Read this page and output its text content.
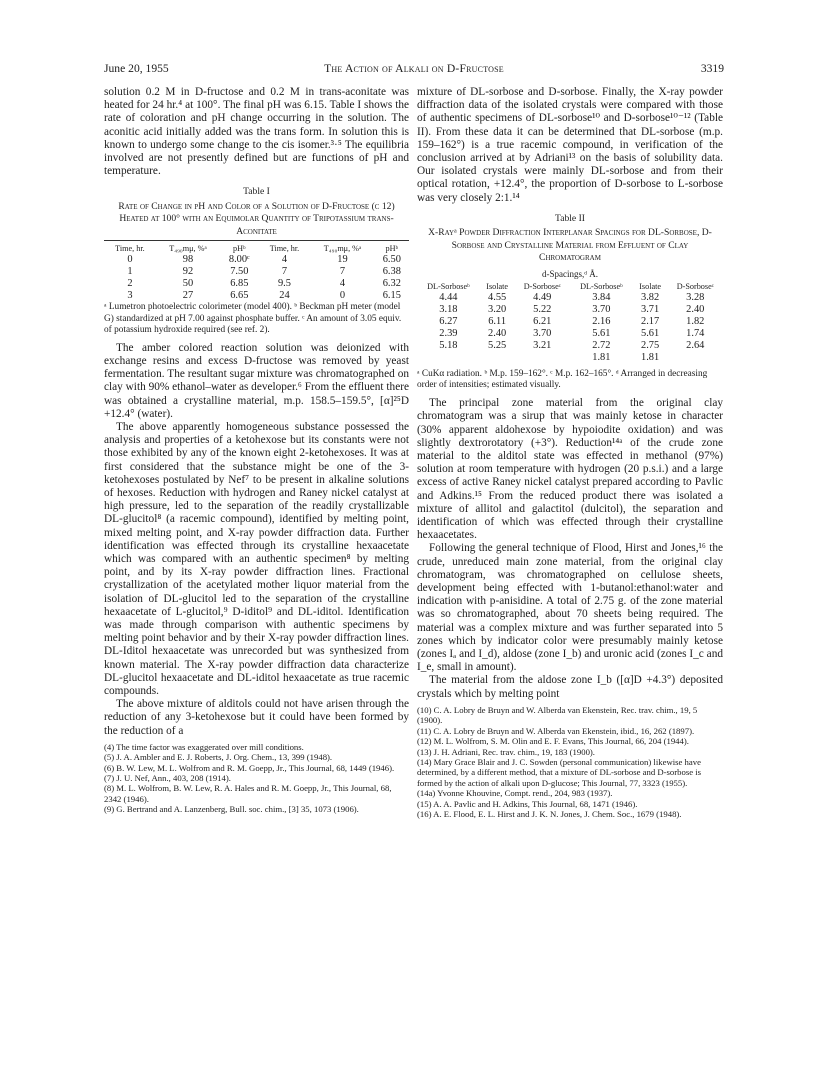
June 20, 1955	The Action of Alkali on D-Fructose	3319

solution 0.2 M in D-fructose and 0.2 M in trans-aconitate was heated for 24 hr.⁴ at 100°. The final pH was 6.15. Table I shows the rate of coloration and pH change occurring in the solution. The aconitic acid initially added was the trans form. In solution this is known to undergo some change to the cis isomer.³·⁵ The equilibria involved are not presently defined but are functions of pH and temperature.

Table I
Rate of Change in pH and Color of a Solution of D-Fructose (c 12) Heated at 100° with an Equimolar Quantity of Tripotassium trans-Aconitate
Time, hr.	T₄₉₀mμ, %ᵃ	pHᵇ	Time, hr.	T₄₉₀mμ, %ᵃ	pHᵇ
0	98	8.00ᶜ	4	19	6.50
1	92	7.50	7	7	6.38
2	50	6.85	9.5	4	6.32
3	27	6.65	24	0	6.15
ᵃ Lumetron photoelectric colorimeter (model 400). ᵇ Beckman pH meter (model G) standardized at pH 7.00 against phosphate buffer. ᶜ An amount of 3.05 equiv. of potassium hydroxide required (see ref. 2).

The amber colored reaction solution was deionized with exchange resins and excess D-fructose was removed by yeast fermentation. The resultant sugar mixture was chromatographed on clay with 90% ethanol–water as developer.⁶ From the effluent there was obtained a crystalline material, m.p. 158.5–159.5°, [α]²⁵D +12.4° (water).

The above apparently homogeneous substance possessed the analysis and properties of a ketohexose but its constants were not those exhibited by any of the known eight 2-ketohexoses. It was at first considered that the substance might be one of the 3-ketohexoses postulated by Nef⁷ to be present in alkaline solutions of hexoses. Reduction with hydrogen and Raney nickel catalyst at high pressure, led to the separation of the readily crystallizable DL-glucitol⁸ (a racemic compound), identified by melting point, mixed melting point, and X-ray powder diffraction data. Further identification was effected through its crystalline hexaacetate which was compared with an authentic specimen⁸ by melting point, and by its X-ray powder diffraction lines. Fractional crystallization of the acetylated mother liquor material from the isolation of DL-glucitol led to the separation of the crystalline hexaacetate of L-glucitol,⁹ D-iditol⁹ and DL-iditol. Identification was made through comparison with authentic specimens by melting point behavior and by their X-ray powder diffraction lines. DL-Iditol hexaacetate was unrecorded but was synthesized from known material. The X-ray powder diffraction data characterize DL-glucitol hexaacetate and DL-iditol hexaacetate as true racemic compounds.

The above mixture of alditols could not have arisen through the reduction of any 3-ketohexose but it could have been formed by the reduction of a

(4) The time factor was exaggerated over mill conditions.
(5) J. A. Ambler and E. J. Roberts, J. Org. Chem., 13, 399 (1948).
(6) B. W. Lew, M. L. Wolfrom and R. M. Goepp, Jr., This Journal, 68, 1449 (1946).
(7) J. U. Nef, Ann., 403, 208 (1914).
(8) M. L. Wolfrom, B. W. Lew, R. A. Hales and R. M. Goepp, Jr., This Journal, 68, 2342 (1946).
(9) G. Bertrand and A. Lanzenberg, Bull. soc. chim., [3] 35, 1073 (1906).

mixture of DL-sorbose and D-sorbose. Finally, the X-ray powder diffraction data of the isolated crystals were compared with those of authentic specimens of DL-sorbose¹⁰ and D-sorbose¹⁰⁻¹² (Table II). From these data it can be determined that DL-sorbose (m.p. 159–162°) is a true racemic compound, in verification of the conclusion arrived at by Adriani¹³ on the basis of solubility data. Our isolated crystals were mainly DL-sorbose and from their optical rotation, +12.4°, the proportion of D-sorbose to L-sorbose was very closely 2:1.¹⁴

Table II
X-Rayᵃ Powder Diffraction Interplanar Spacings for DL-Sorbose, D-Sorbose and Crystalline Material from Effluent of Clay Chromatogram
d-Spacings,ᵈ Å.
DL-Sorboseᵇ	Isolate	D-Sorboseᶜ	DL-Sorboseᵇ	Isolate	D-Sorboseᶜ
4.44	4.55	4.49	3.84	3.82	3.28
3.18	3.20	5.22	3.70	3.71	2.40
6.27	6.11	6.21	2.16	2.17	1.82
2.39	2.40	3.70	5.61	5.61	1.74
5.18	5.25	3.21	2.72	2.75	2.64
			1.81	1.81	
ᵃ CuKα radiation. ᵇ M.p. 159–162°. ᶜ M.p. 162–165°. ᵈ Arranged in decreasing order of intensities; estimated visually.

The principal zone material from the original clay chromatogram was a sirup that was mainly ketose in character (30% apparent aldohexose by hypoiodite oxidation) and was slightly dextrorotatory (+3°). Reduction¹⁴ᵃ of the crude zone material to the alditol state was effected in methanol (97%) solution at room temperature with hydrogen (20 p.s.i.) and a large excess of active Raney nickel catalyst prepared according to Pavlic and Adkins.¹⁵ From the reduced product there was isolated a mixture of allitol and galactitol (dulcitol), the separation and identification of which was effected through their crystalline hexaacetates.

Following the general technique of Flood, Hirst and Jones,¹⁶ the crude, unreduced main zone material, from the original clay chromatogram, was chromatographed on cellulose sheets, development being effected with 1-butanol:ethanol:water and indication with p-anisidine. A total of 2.75 g. of the zone material was so chromatographed, about 70 sheets being required. The material was a complex mixture and was further separated into 5 zones which by indicator color were presumably mainly ketose (zones Iₐ and I_d), aldose (zone I_b) and uronic acid (zones I_c and I_e, small in amount).

The material from the aldose zone I_b ([α]D +4.3°) deposited crystals which by melting point

(10) C. A. Lobry de Bruyn and W. Alberda van Ekenstein, Rec. trav. chim., 19, 5 (1900).
(11) C. A. Lobry de Bruyn and W. Alberda van Ekenstein, ibid., 16, 262 (1897).
(12) M. L. Wolfrom, S. M. Olin and E. F. Evans, This Journal, 66, 204 (1944).
(13) J. H. Adriani, Rec. trav. chim., 19, 183 (1900).
(14) Mary Grace Blair and J. C. Sowden (personal communication) likewise have determined, by a different method, that a mixture of DL-sorbose and D-sorbose is formed by the action of alkali upon D-glucose; This Journal, 77, 3323 (1955).
(14a) Yvonne Khouvine, Compt. rend., 204, 983 (1937).
(15) A. A. Pavlic and H. Adkins, This Journal, 68, 1471 (1946).
(16) A. E. Flood, E. L. Hirst and J. K. N. Jones, J. Chem. Soc., 1679 (1948).
